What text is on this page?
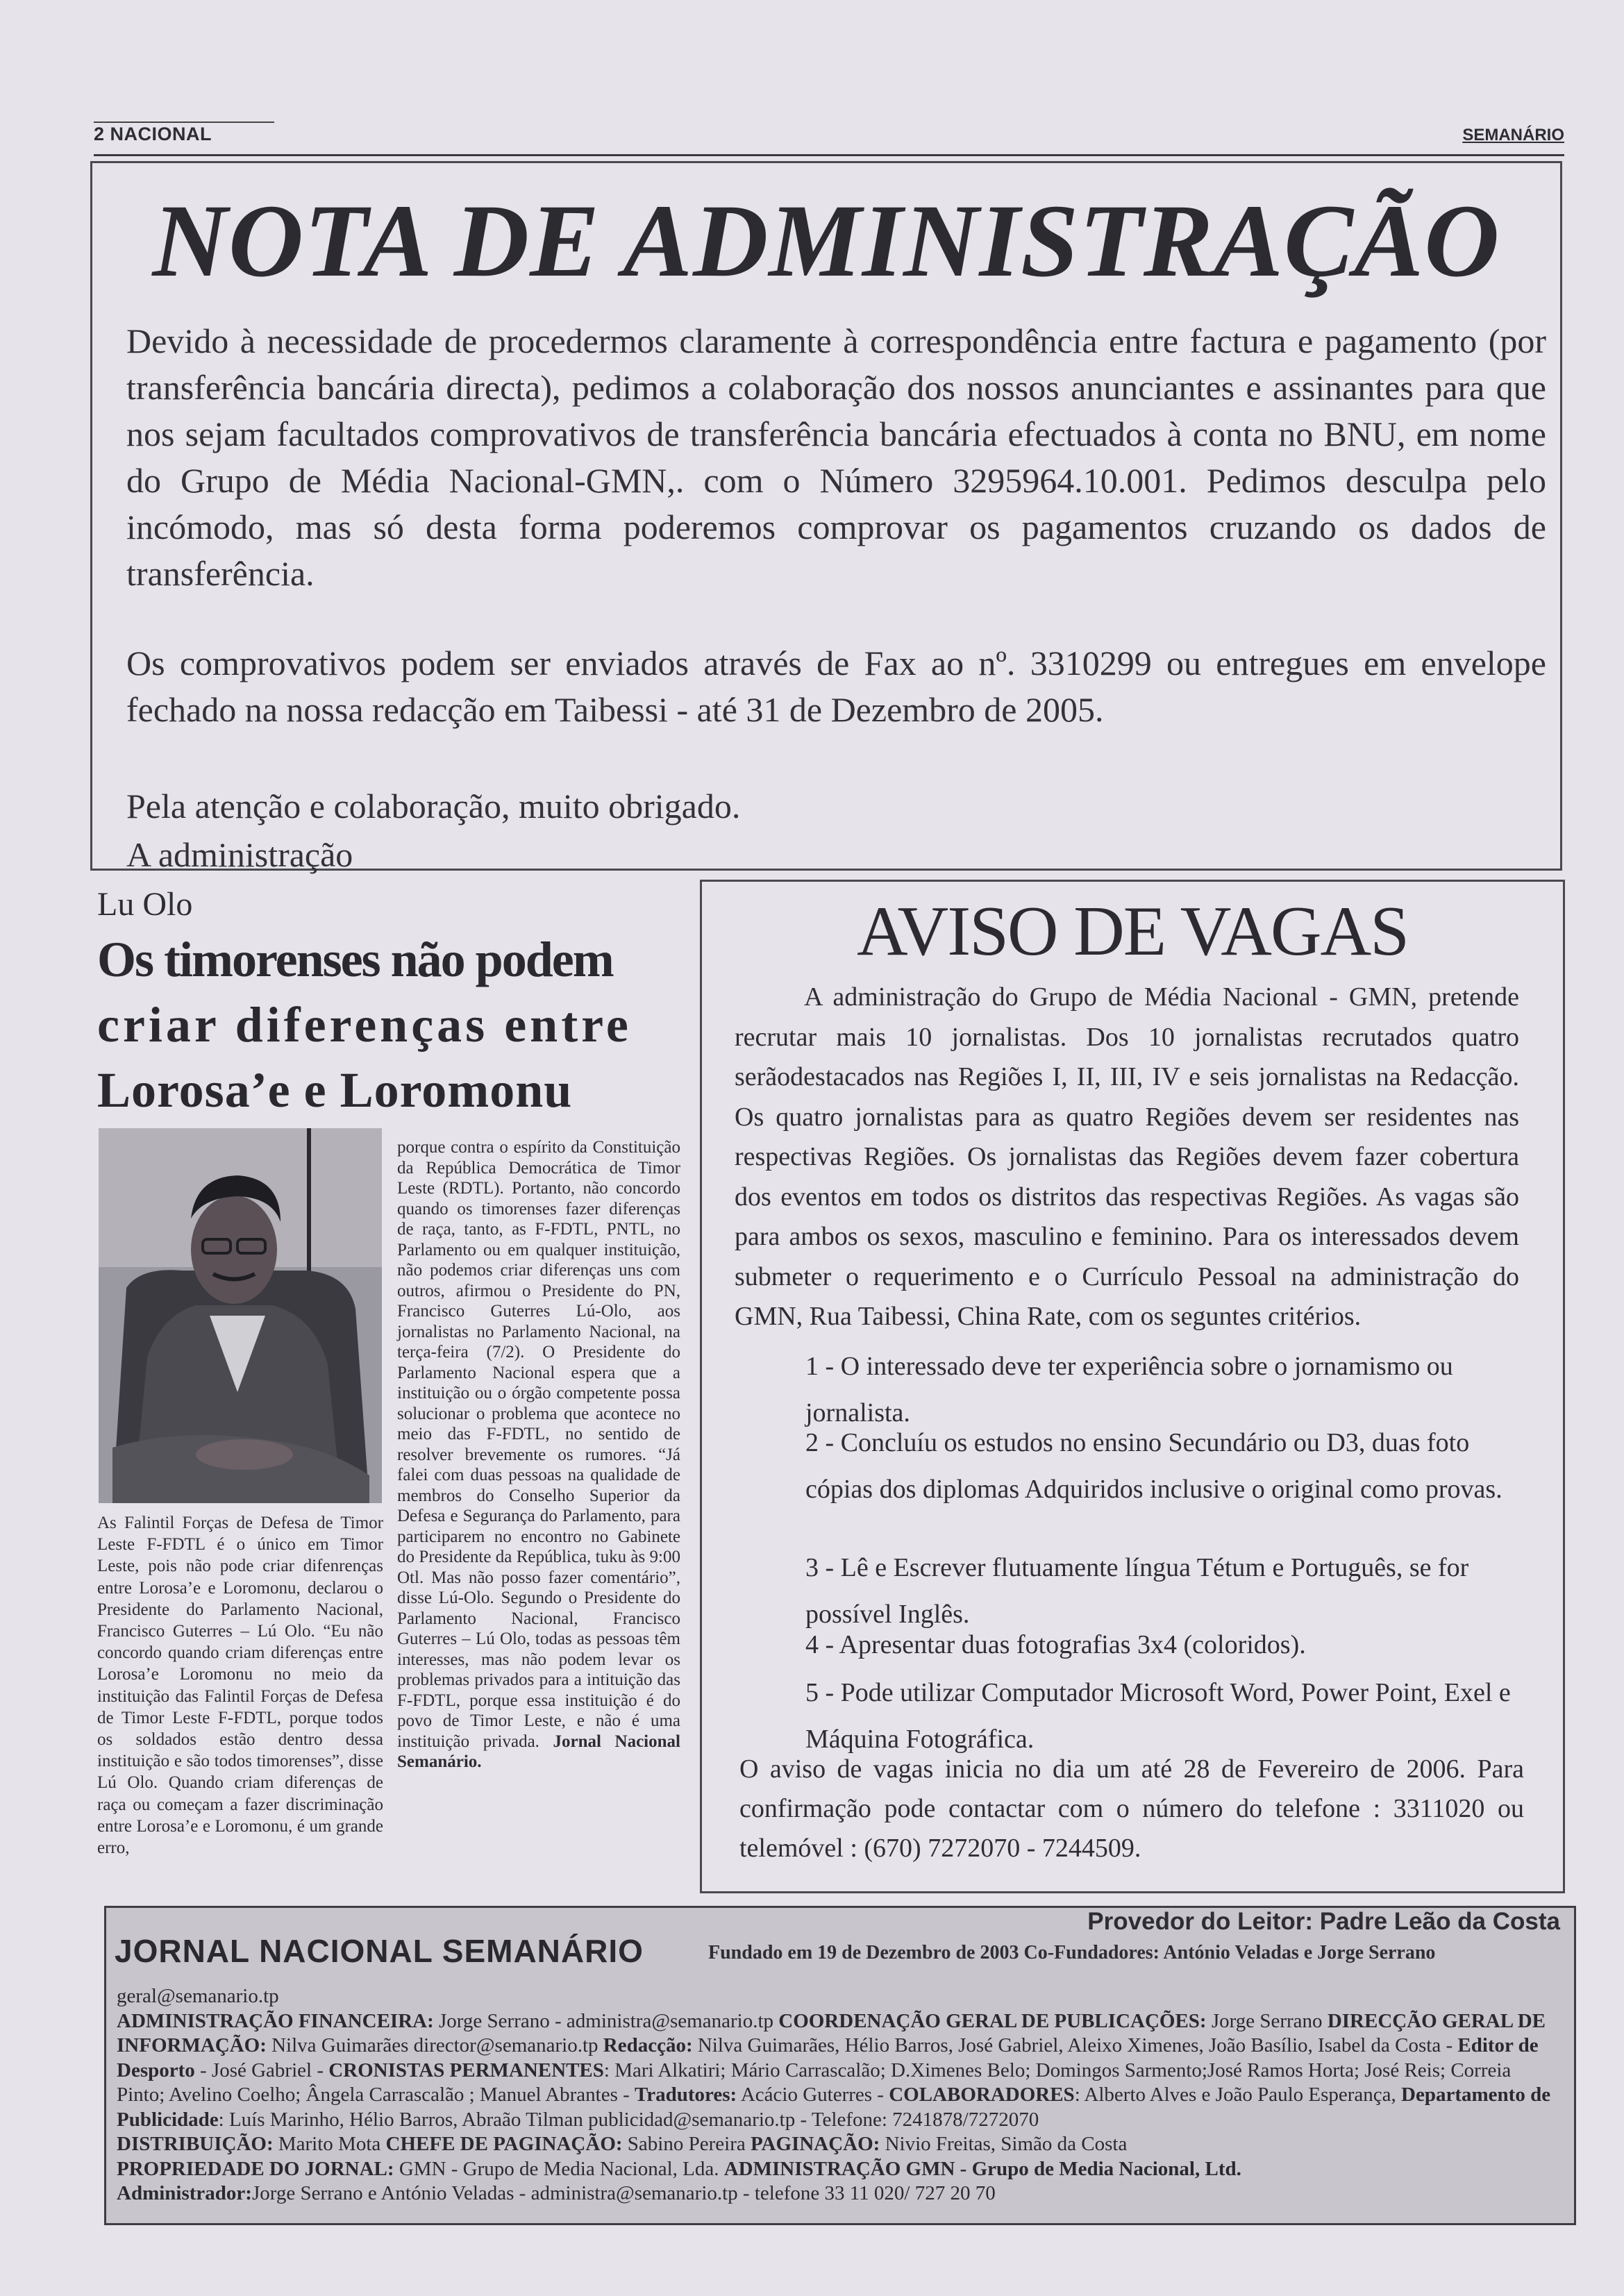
2 NACIONAL	SEMANÁRIO
NOTA DE ADMINISTRAÇÃO
Devido à necessidade de procedermos claramente à correspondência entre factura e pagamento (por transferência bancária directa), pedimos a colaboração dos nossos anunciantes e assinantes para que nos sejam facultados comprovativos de transferência bancária efectuados à conta no BNU, em nome do Grupo de Média Nacional-GMN,. com o Número 3295964.10.001. Pedimos desculpa pelo incómodo, mas só desta forma poderemos comprovar os pagamentos cruzando os dados de transferência.
Os comprovativos podem ser enviados através de Fax ao nº. 3310299 ou entregues em envelope fechado na nossa redacção em Taibessi - até 31 de Dezembro de 2005.
Pela atenção e colaboração, muito obrigado.
A administração
Lu Olo
Os timorenses não podem
criar diferenças entre
Lorosa’e e Loromonu
As Falintil Forças de Defesa de Timor Leste F-FDTL é o único em Timor Leste, pois não pode criar difenrenças entre Lorosa’e e Loromonu, declarou o Presidente do Parlamento Nacional, Francisco Guterres – Lú Olo. “Eu não concordo quando criam diferenças entre Lorosa’e Loromonu no meio da instituição das Falintil Forças de Defesa de Timor Leste F-FDTL, porque todos os soldados estão dentro dessa instituição e são todos timorenses”, disse Lú Olo. Quando criam diferenças de raça ou começam a fazer discriminação entre Lorosa’e e Loromonu, é um grande erro,
porque contra o espírito da Constituição da República Democrática de Timor Leste (RDTL). Portanto, não concordo quando os timorenses fazer diferenças de raça, tanto, as F-FDTL, PNTL, no Parlamento ou em qualquer instituição, não podemos criar diferenças uns com outros, afirmou o Presidente do PN, Francisco Guterres Lú-Olo, aos jornalistas no Parlamento Nacional, na terça-feira (7/2). O Presidente do Parlamento Nacional espera que a instituição ou o órgão competente possa solucionar o problema que acontece no meio das F-FDTL, no sentido de resolver brevemente os rumores. “Já falei com duas pessoas na qualidade de membros do Conselho Superior da Defesa e Segurança do Parlamento, para participarem no encontro no Gabinete do Presidente da República, tuku às 9:00 Otl. Mas não posso fazer comentário”, disse Lú-Olo. Segundo o Presidente do Parlamento Nacional, Francisco Guterres – Lú Olo, todas as pessoas têm interesses, mas não podem levar os problemas privados para a intituição das F-FDTL, porque essa instituição é do povo de Timor Leste, e não é uma instituição privada. Jornal Nacional Semanário.
AVISO DE VAGAS
A administração do Grupo de Média Nacional - GMN, pretende recrutar mais 10 jornalistas. Dos 10 jornalistas recrutados quatro serãodestacados nas Regiões I, II, III, IV e seis jornalistas na Redacção. Os quatro jornalistas para as quatro Regiões devem ser residentes nas respectivas Regiões. Os jornalistas das Regiões devem fazer cobertura dos eventos em todos os distritos das respectivas Regiões. As vagas são para ambos os sexos, masculino e feminino. Para os interessados devem submeter o requerimento e o Currículo Pessoal na administração do GMN, Rua Taibessi, China Rate, com os seguntes critérios.
1 - O interessado deve ter experiência sobre o jornamismo ou jornalista.
2 - Concluíu os estudos no ensino Secundário ou D3, duas foto cópias dos diplomas Adquiridos inclusive o original como provas.
3 - Lê e Escrever flutuamente língua Tétum e Português, se for possível Inglês.
4 - Apresentar duas fotografias 3x4 (coloridos).
5 - Pode utilizar Computador Microsoft Word, Power Point, Exel e Máquina Fotográfica.
O aviso de vagas inicia no dia um até 28 de Fevereiro de 2006. Para confirmação pode contactar com o número do telefone : 3311020 ou telemóvel : (670) 7272070 - 7244509.
Provedor do Leitor: Padre Leão da Costa
JORNAL NACIONAL SEMANÁRIO	Fundado em 19 de Dezembro de 2003 Co-Fundadores: António Veladas e Jorge Serrano

geral@semanario.tp

ADMINISTRAÇÃO FINANCEIRA: Jorge Serrano - administra@semanario.tp COORDENAÇÃO GERAL DE PUBLICAÇÕES: Jorge Serrano DIRECÇÃO GERAL DE INFORMAÇÃO: Nilva Guimarães director@semanario.tp Redacção: Nilva Guimarães, Hélio Barros, José Gabriel, Aleixo Ximenes, João Basílio, Isabel da Costa - Editor de Desporto - José Gabriel - CRONISTAS PERMANENTES: Mari Alkatiri; Mário Carrascalão; D.Ximenes Belo; Domingos Sarmento;José Ramos Horta; José Reis; Correia Pinto; Avelino Coelho; Ângela Carrascalão ; Manuel Abrantes - Tradutores: Acácio Guterres - COLABORADORES: Alberto Alves e João Paulo Esperança, Departamento de Publicidade: Luís Marinho, Hélio Barros, Abraão Tilman publicidad@semanario.tp - Telefone: 7241878/7272070

DISTRIBUIÇÃO: Marito Mota CHEFE DE PAGINAÇÃO: Sabino Pereira PAGINAÇÃO: Nivio Freitas, Simão da Costa

PROPRIEDADE DO JORNAL: GMN - Grupo de Media Nacional, Lda. ADMINISTRAÇÃO GMN - Grupo de Media Nacional, Ltd.

Administrador:Jorge Serrano e António Veladas - administra@semanario.tp - telefone 33 11 020/ 727 20 70
